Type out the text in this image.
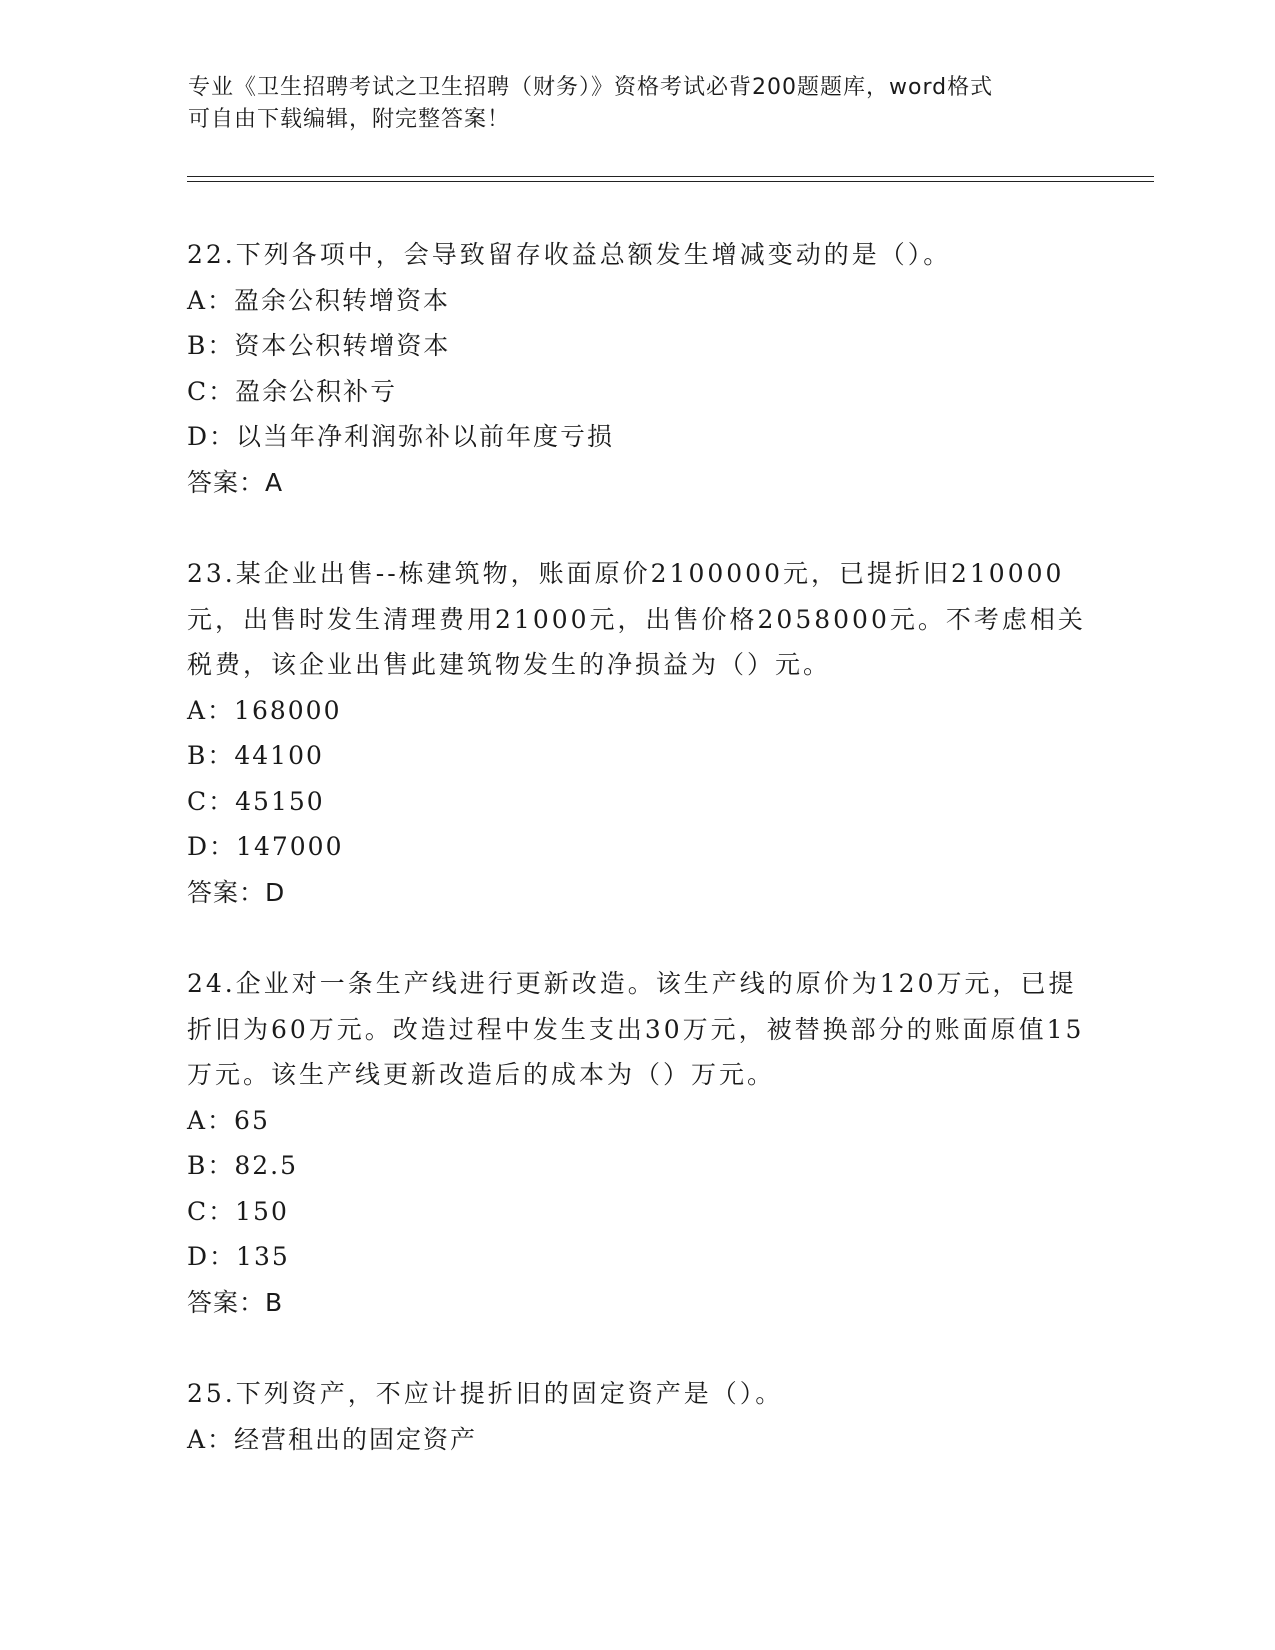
专业《卫生招聘考试之卫生招聘（财务）》资格考试必背200题题库，word格式
可自由下载编辑，附完整答案！

22.下列各项中，会导致留存收益总额发生增减变动的是（）。

A：盈余公积转增资本

B：资本公积转增资本

C：盈余公积补亏

D：以当年净利润弥补以前年度亏损

答案：A

23.某企业出售--栋建筑物，账面原价2100000元，已提折旧210000元，出售时发生清理费用21000元，出售价格2058000元。不考虑相关税费，该企业出售此建筑物发生的净损益为（）元。

A：168000

B：44100

C：45150

D：147000

答案：D

24.企业对一条生产线进行更新改造。该生产线的原价为120万元，已提折旧为60万元。改造过程中发生支出30万元，被替换部分的账面原值15万元。该生产线更新改造后的成本为（）万元。

A：65

B：82.5

C：150

D：135

答案：B

25.下列资产，不应计提折旧的固定资产是（）。

A：经营租出的固定资产
